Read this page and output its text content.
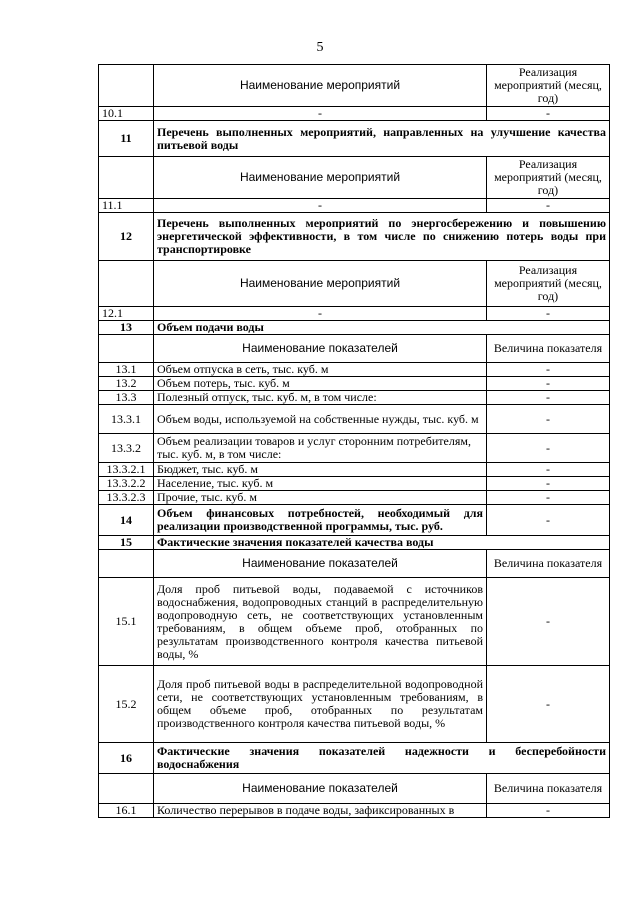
5
	Наименование мероприятий	Реализация мероприятий (месяц, год)
10.1	-	-
11	Перечень выполненных мероприятий, направленных на улучшение качества питьевой воды	
	Наименование мероприятий	Реализация мероприятий (месяц, год)
11.1	-	-
12	Перечень выполненных мероприятий по энергосбережению и повышению энергетической эффективности, в том числе по снижению потерь воды при транспортировке	
	Наименование мероприятий	Реализация мероприятий (месяц, год)
12.1	-	-
13	Объем подачи воды	
	Наименование показателей	Величина показателя
13.1	Объем отпуска в сеть, тыс. куб. м	-
13.2	Объем потерь, тыс. куб. м	-
13.3	Полезный отпуск, тыс. куб. м, в том числе:	-
13.3.1	Объем воды, используемой на собственные нужды, тыс. куб. м	-
13.3.2	Объем реализации товаров и услуг сторонним потребителям, тыс. куб. м, в том числе:	-
13.3.2.1	Бюджет, тыс. куб. м	-
13.3.2.2	Население, тыс. куб. м	-
13.3.2.3	Прочие, тыс. куб. м	-
14	Объем финансовых потребностей, необходимый для реализации производственной программы, тыс. руб.	-
15	Фактические значения показателей качества воды	
	Наименование показателей	Величина показателя
15.1	Доля проб питьевой воды, подаваемой с источников водоснабжения, водопроводных станций в распределительную водопроводную сеть, не соответствующих установленным требованиям, в общем объеме проб, отобранных по результатам производственного контроля качества питьевой воды, %	-
15.2	Доля проб питьевой воды в распределительной водопроводной сети, не соответствующих установленным требованиям, в общем объеме проб, отобранных по результатам производственного контроля качества питьевой воды, %	-
16	Фактические значения показателей надежности и бесперебойности водоснабжения	
	Наименование показателей	Величина показателя
16.1	Количество перерывов в подаче воды, зафиксированных в	-
